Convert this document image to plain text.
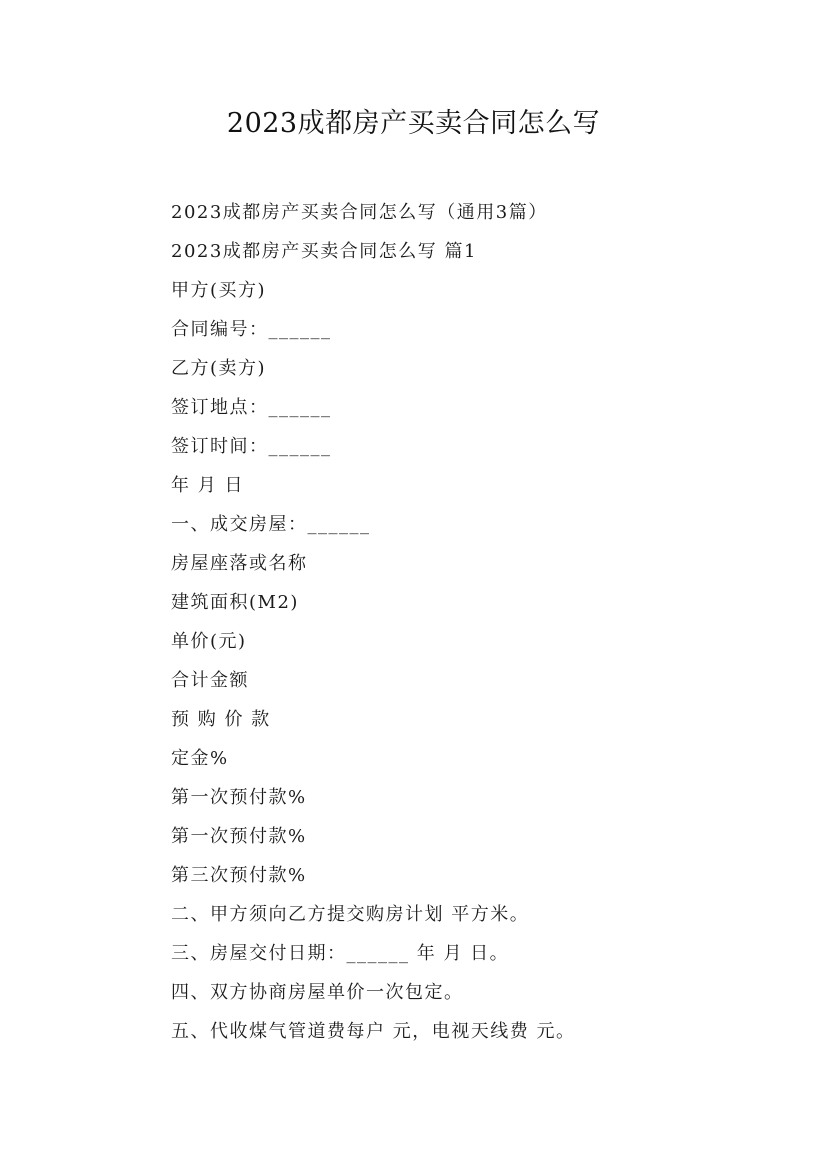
2023成都房产买卖合同怎么写
2023成都房产买卖合同怎么写（通用3篇）
2023成都房产买卖合同怎么写 篇1
甲方(买方)
合同编号：______
乙方(卖方)
签订地点：______
签订时间：______
年 月 日
一、成交房屋：______
房屋座落或名称
建筑面积(M2)
单价(元)
合计金额
预 购 价 款
定金%
第一次预付款%
第一次预付款%
第三次预付款%
二、甲方须向乙方提交购房计划 平方米。
三、房屋交付日期：______ 年 月 日。
四、双方协商房屋单价一次包定。
五、代收煤气管道费每户 元，电视天线费 元。
